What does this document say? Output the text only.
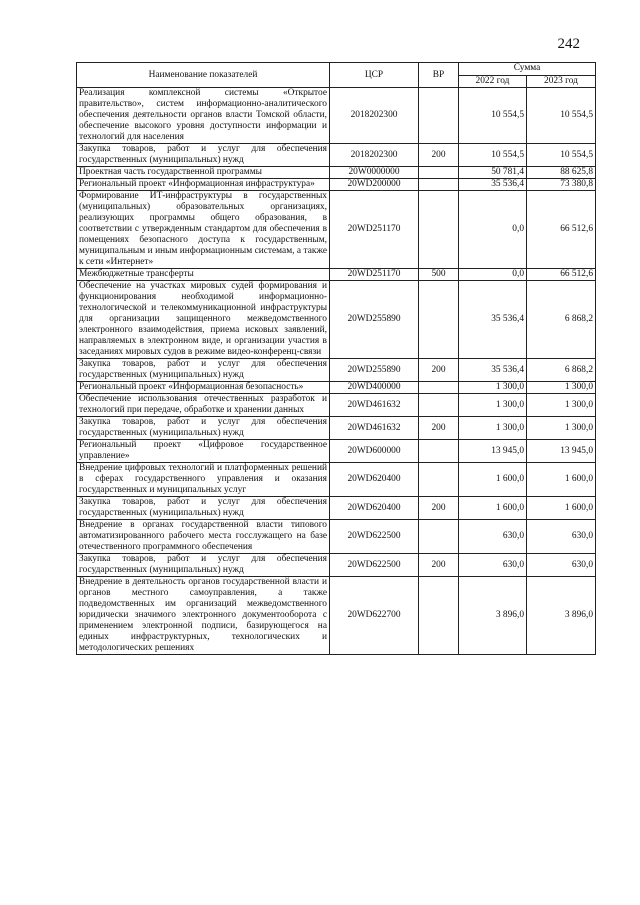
242
Наименование показателей	ЦСР	ВР	Сумма	
			2022 год	2023 год
Реализация комплексной системы «Открытое правительство», систем информационно-аналитического обеспечения деятельности органов власти Томской области, обеспечение высокого уровня доступности информации и технологий для населения	2018202300		10 554,5	10 554,5
Закупка товаров, работ и услуг для обеспечения государственных (муниципальных) нужд	2018202300	200	10 554,5	10 554,5
Проектная часть государственной программы	20W0000000		50 781,4	88 625,8
Региональный проект «Информационная инфраструктура»	20WD200000		35 536,4	73 380,8
Формирование ИТ-инфраструктуры в государственных (муниципальных) образовательных организациях, реализующих программы общего образования, в соответствии с утвержденным стандартом для обеспечения в помещениях безопасного доступа к государственным, муниципальным и иным информационным системам, а также к сети «Интернет»	20WD251170		0,0	66 512,6
Межбюджетные трансферты	20WD251170	500	0,0	66 512,6
Обеспечение на участках мировых судей формирования и функционирования необходимой информационно-технологической и телекоммуникационной инфраструктуры для организации защищенного межведомственного электронного взаимодействия, приема исковых заявлений, направляемых в электронном виде, и организации участия в заседаниях мировых судов в режиме видео-конференц-связи	20WD255890		35 536,4	6 868,2
Закупка товаров, работ и услуг для обеспечения государственных (муниципальных) нужд	20WD255890	200	35 536,4	6 868,2
Региональный проект «Информационная безопасность»	20WD400000		1 300,0	1 300,0
Обеспечение использования отечественных разработок и технологий при передаче, обработке и хранении данных	20WD461632		1 300,0	1 300,0
Закупка товаров, работ и услуг для обеспечения государственных (муниципальных) нужд	20WD461632	200	1 300,0	1 300,0
Региональный проект «Цифровое государственное управление»	20WD600000		13 945,0	13 945,0
Внедрение цифровых технологий и платформенных решений в сферах государственного управления и оказания государственных и муниципальных услуг	20WD620400		1 600,0	1 600,0
Закупка товаров, работ и услуг для обеспечения государственных (муниципальных) нужд	20WD620400	200	1 600,0	1 600,0
Внедрение в органах государственной власти типового автоматизированного рабочего места госслужащего на базе отечественного программного обеспечения	20WD622500		630,0	630,0
Закупка товаров, работ и услуг для обеспечения государственных (муниципальных) нужд	20WD622500	200	630,0	630,0
Внедрение в деятельность органов государственной власти и органов местного самоуправления, а также подведомственных им организаций межведомственного юридически значимого электронного документооборота с применением электронной подписи, базирующегося на единых инфраструктурных, технологических и методологических решениях	20WD622700		3 896,0	3 896,0
